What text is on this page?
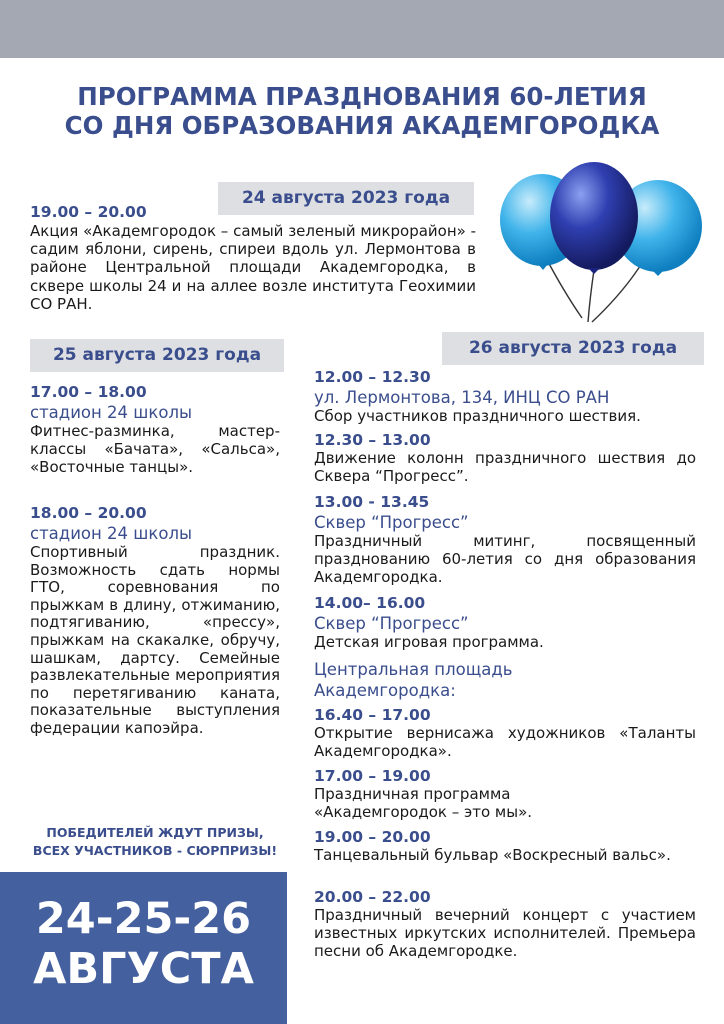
ПРОГРАММА ПРАЗДНОВАНИЯ 60-ЛЕТИЯ
СО ДНЯ ОБРАЗОВАНИЯ АКАДЕМГОРОДКА
24 августа 2023 года
19.00 – 20.00
Акция «Академгородок – самый зеленый микрорайон» - садим яблони, сирень, спиреи вдоль ул. Лермонтова в районе Центральной площади Академгородка, в сквере школы 24 и на аллее возле института Геохимии СО РАН.
25 августа 2023 года
17.00 – 18.00
стадион 24 школы
Фитнес-разминка, мастер-классы «Бачата», «Сальса», «Восточные танцы».
18.00 – 20.00
стадион 24 школы
Спортивный праздник. Возможность сдать нормы ГТО, соревнования по прыжкам в длину, отжиманию, подтягиванию, «прессу», прыжкам на скакалке, обручу, шашкам, дартсу. Семейные развлекательные мероприятия по перетягиванию каната, показательные выступления федерации капоэйра.
ПОБЕДИТЕЛЕЙ ЖДУТ ПРИЗЫ,
ВСЕХ УЧАСТНИКОВ - СЮРПРИЗЫ!
26 августа 2023 года
12.00 – 12.30
ул. Лермонтова, 134, ИНЦ СО РАН
Сбор участников праздничного шествия.
12.30 – 13.00
Движение колонн праздничного шествия до Сквера “Прогресс”.
13.00 - 13.45
Сквер “Прогресс”
Праздничный митинг, посвященный празднованию 60-летия со дня образования Академгородка.
14.00– 16.00
Сквер “Прогресс”
Детская игровая программа.
Центральная площадь
Академгородка:
16.40 – 17.00
Открытие вернисажа художников «Таланты Академгородка».
17.00 – 19.00
Праздничная программа
«Академгородок – это мы».
19.00 – 20.00
Танцевальный бульвар «Воскресный вальс».
20.00 – 22.00
Праздничный вечерний концерт с участием известных иркутских исполнителей. Премьера песни об Академгородке.
24-25-26
АВГУСТА
